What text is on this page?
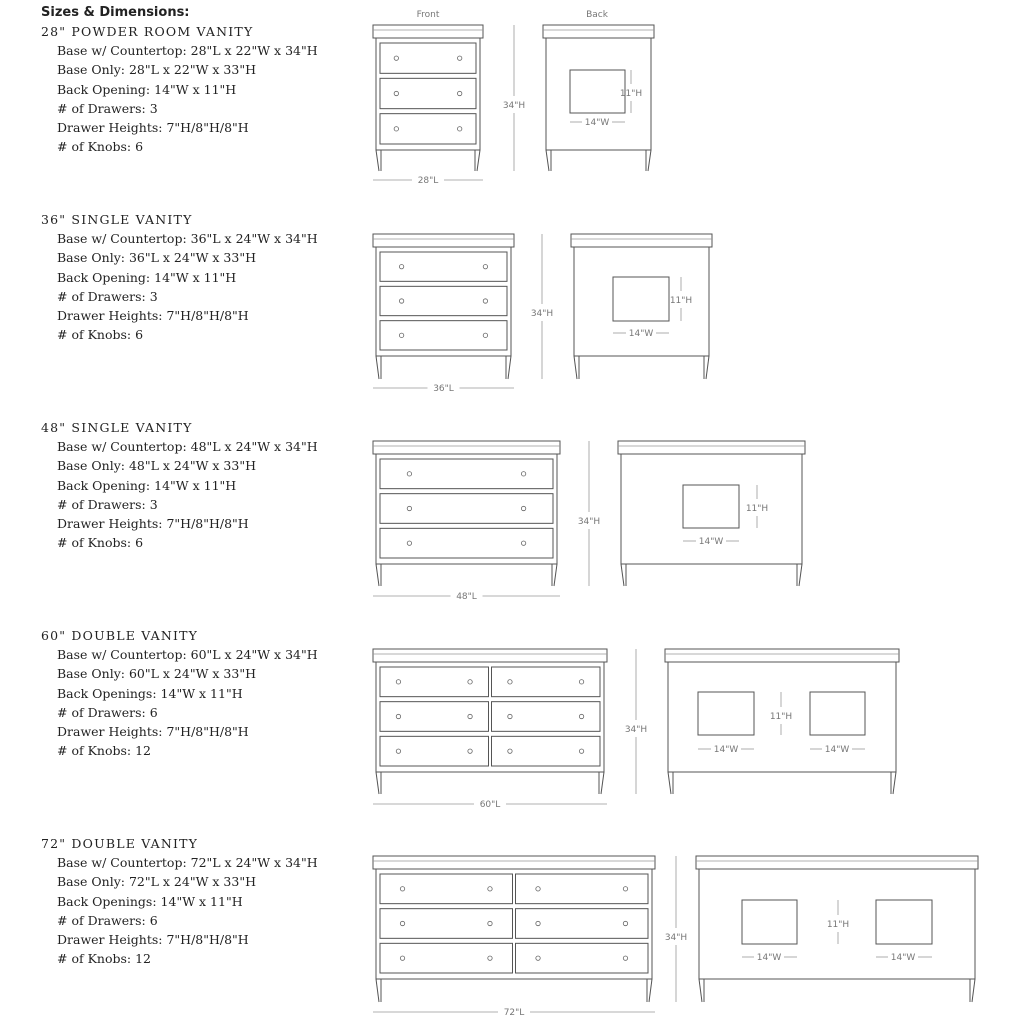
Sizes & Dimensions:
28" POWDER ROOM VANITY
Base w/ Countertop: 28"L x 22"W x 34"H
Base Only: 28"L x 22"W x 33"H
Back Opening: 14"W x 11"H
# of Drawers: 3
Drawer Heights: 7"H/8"H/8"H
# of Knobs: 6
36" SINGLE VANITY
Base w/ Countertop: 36"L x 24"W x 34"H
Base Only: 36"L x 24"W x 33"H
Back Opening: 14"W x 11"H
# of Drawers: 3
Drawer Heights: 7"H/8"H/8"H
# of Knobs: 6
48" SINGLE VANITY
Base w/ Countertop: 48"L x 24"W x 34"H
Base Only: 48"L x 24"W x 33"H
Back Opening: 14"W x 11"H
# of Drawers: 3
Drawer Heights: 7"H/8"H/8"H
# of Knobs: 6
60" DOUBLE VANITY
Base w/ Countertop: 60"L x 24"W x 34"H
Base Only: 60"L x 24"W x 33"H
Back Openings: 14"W x 11"H
# of Drawers: 6
Drawer Heights: 7"H/8"H/8"H
# of Knobs: 12
72" DOUBLE VANITY
Base w/ Countertop: 72"L x 24"W x 34"H
Base Only: 72"L x 24"W x 33"H
Back Openings: 14"W x 11"H
# of Drawers: 6
Drawer Heights: 7"H/8"H/8"H
# of Knobs: 12
Front	Back
28"L
34"H
11"H
14"W
36"L
34"H
11"H
14"W
48"L
34"H
11"H
14"W
60"L
34"H
11"H
14"W	14"W
72"L
34"H
11"H
14"W	14"W
